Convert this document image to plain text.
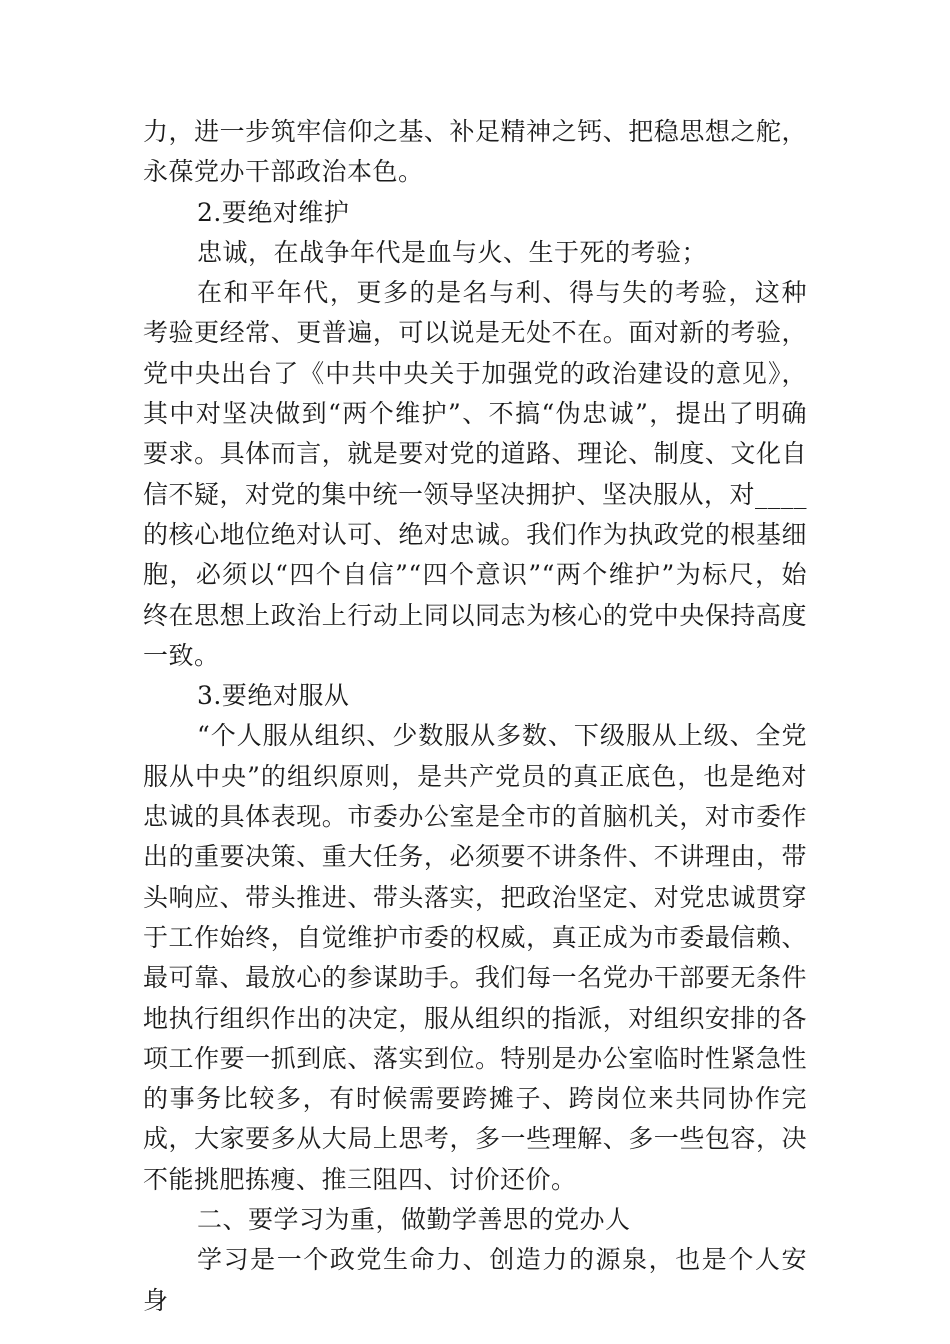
力，进一步筑牢信仰之基、补足精神之钙、把稳思想之舵，永葆党办干部政治本色。

2.要绝对维护

忠诚，在战争年代是血与火、生于死的考验；

在和平年代，更多的是名与利、得与失的考验，这种考验更经常、更普遍，可以说是无处不在。面对新的考验，党中央出台了《中共中央关于加强党的政治建设的意见》，其中对坚决做到“两个维护”、不搞“伪忠诚”，提出了明确要求。具体而言，就是要对党的道路、理论、制度、文化自信不疑，对党的集中统一领导坚决拥护、坚决服从，对____的核心地位绝对认可、绝对忠诚。我们作为执政党的根基细胞，必须以“四个自信”“四个意识”“两个维护”为标尺，始终在思想上政治上行动上同以同志为核心的党中央保持高度一致。

3.要绝对服从

“个人服从组织、少数服从多数、下级服从上级、全党服从中央”的组织原则，是共产党员的真正底色，也是绝对忠诚的具体表现。市委办公室是全市的首脑机关，对市委作出的重要决策、重大任务，必须要不讲条件、不讲理由，带头响应、带头推进、带头落实，把政治坚定、对党忠诚贯穿于工作始终，自觉维护市委的权威，真正成为市委最信赖、最可靠、最放心的参谋助手。我们每一名党办干部要无条件地执行组织作出的决定，服从组织的指派，对组织安排的各项工作要一抓到底、落实到位。特别是办公室临时性紧急性的事务比较多，有时候需要跨摊子、跨岗位来共同协作完成，大家要多从大局上思考，多一些理解、多一些包容，决不能挑肥拣瘦、推三阻四、讨价还价。

二、要学习为重，做勤学善思的党办人

学习是一个政党生命力、创造力的源泉，也是个人安身
